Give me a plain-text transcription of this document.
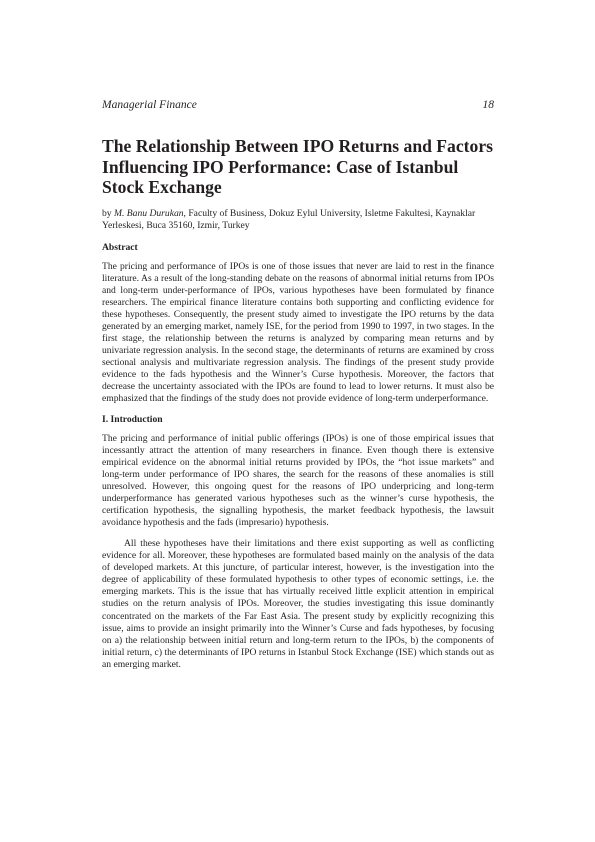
Managerial Finance	18
The Relationship Between IPO Returns and Factors Influencing IPO Performance: Case of Istanbul Stock Exchange

by M. Banu Durukan, Faculty of Business, Dokuz Eylul University, Isletme Fakultesi, Kaynaklar Yerleskesi, Buca 35160, Izmir, Turkey

Abstract

The pricing and performance of IPOs is one of those issues that never are laid to rest in the finance literature. As a result of the long-standing debate on the reasons of abnormal initial returns from IPOs and long-term under-performance of IPOs, various hypotheses have been formulated by finance researchers. The empirical finance literature contains both supporting and conflicting evidence for these hypotheses. Consequently, the present study aimed to investigate the IPO returns by the data generated by an emerging market, namely ISE, for the period from 1990 to 1997, in two stages. In the first stage, the relationship between the returns is analyzed by comparing mean returns and by univariate regression analysis. In the second stage, the determinants of returns are examined by cross sectional analysis and multivariate regression analysis. The findings of the present study provide evidence to the fads hypothesis and the Winner’s Curse hypothesis. Moreover, the factors that decrease the uncertainty associated with the IPOs are found to lead to lower returns. It must also be emphasized that the findings of the study does not provide evidence of long-term underperformance.

I. Introduction

The pricing and performance of initial public offerings (IPOs) is one of those empirical issues that incessantly attract the attention of many researchers in finance. Even though there is extensive empirical evidence on the abnormal initial returns provided by IPOs, the “hot issue markets” and long-term under performance of IPO shares, the search for the reasons of these anomalies is still unresolved. However, this ongoing quest for the reasons of IPO underpricing and long-term underperformance has generated various hypotheses such as the winner’s curse hypothesis, the certification hypothesis, the signalling hypothesis, the market feedback hypothesis, the lawsuit avoidance hypothesis and the fads (impresario) hypothesis.

All these hypotheses have their limitations and there exist supporting as well as conflicting evidence for all. Moreover, these hypotheses are formulated based mainly on the analysis of the data of developed markets. At this juncture, of particular interest, however, is the investigation into the degree of applicability of these formulated hypothesis to other types of economic settings, i.e. the emerging markets. This is the issue that has virtually received little explicit attention in empirical studies on the return analysis of IPOs. Moreover, the studies investigating this issue dominantly concentrated on the markets of the Far East Asia. The present study by explicitly recognizing this issue, aims to provide an insight primarily into the Winner’s Curse and fads hypotheses, by focusing on a) the relationship between initial return and long-term return to the IPOs, b) the components of initial return, c) the determinants of IPO returns in Istanbul Stock Exchange (ISE) which stands out as an emerging market.
